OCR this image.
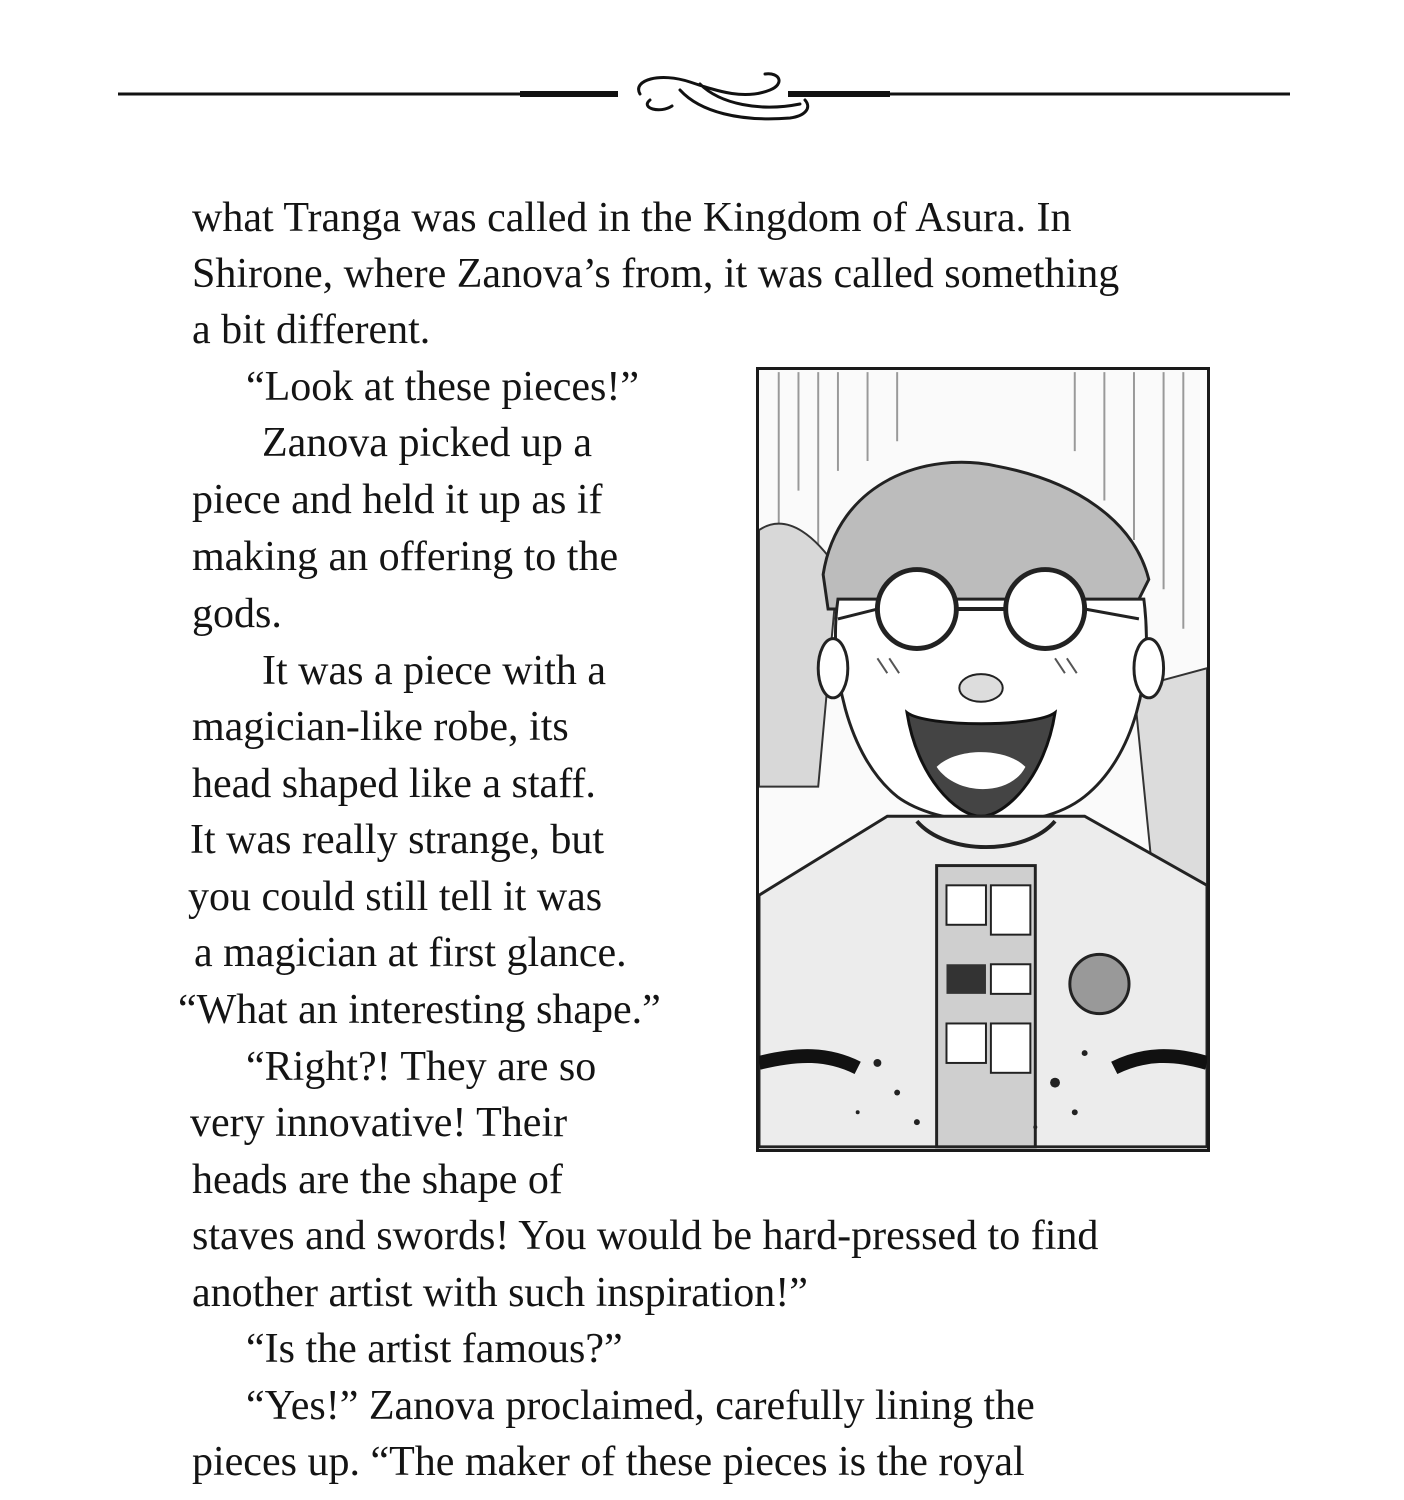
what Tranga was called in the Kingdom of Asura. In
Shirone, where Zanova’s from, it was called something
a bit different.
“Look at these pieces!”
Zanova picked up a
piece and held it up as if
making an offering to the
gods.
It was a piece with a
magician-like robe, its
head shaped like a staff.
It was really strange, but
you could still tell it was
a magician at first glance.
“What an interesting shape.”
“Right?! They are so
very innovative! Their
heads are the shape of
staves and swords! You would be hard-pressed to find
another artist with such inspiration!”
“Is the artist famous?”
“Yes!” Zanova proclaimed, carefully lining the
pieces up. “The maker of these pieces is the royal
